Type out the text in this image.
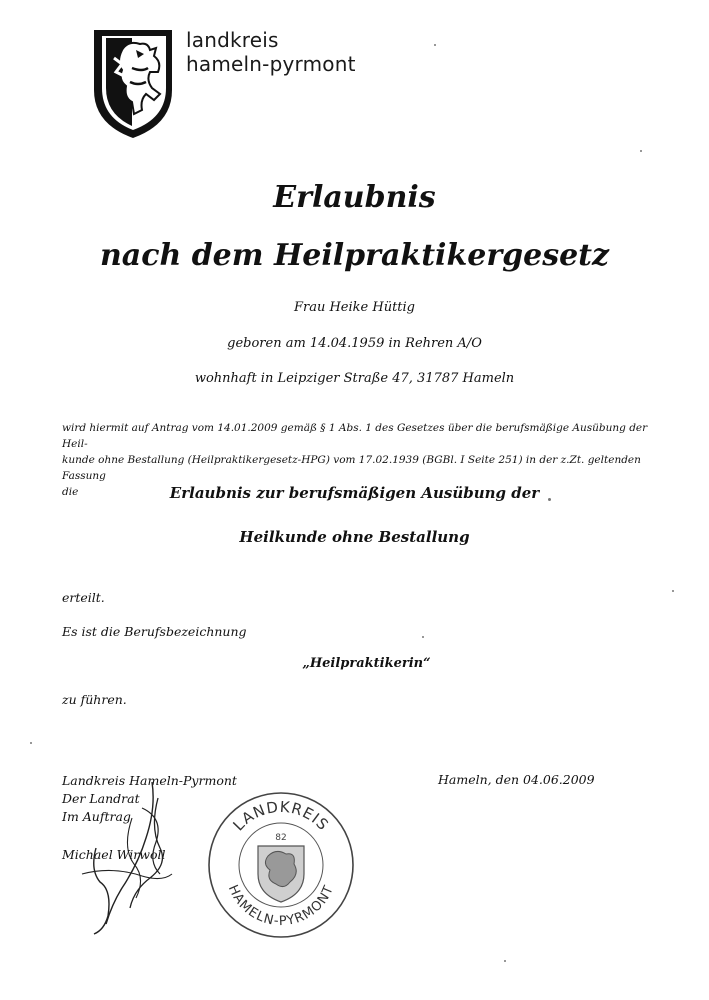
landkreis
hameln-pyrmont
Erlaubnis
nach dem Heilpraktikergesetz
Frau Heike Hüttig
geboren am 14.04.1959 in Rehren A/O
wohnhaft in Leipziger Straße 47, 31787 Hameln
wird hiermit auf Antrag vom 14.01.2009 gemäß § 1 Abs. 1 des Gesetzes über die berufsmäßige Ausübung der Heil-
kunde ohne Bestallung (Heilpraktikergesetz-HPG) vom 17.02.1939 (BGBl. I Seite 251) in der z.Zt. geltenden Fassung
die	Erlaubnis zur berufsmäßigen Ausübung der
Heilkunde ohne Bestallung
erteilt.
Es ist die Berufsbezeichnung
„Heilpraktikerin“
zu führen.
Landkreis Hameln-Pyrmont
Der Landrat
Im Auftrag
Michael Wirwoll
Hameln, den 04.06.2009
LANDKREIS
HAMELN-PYRMONT
82
